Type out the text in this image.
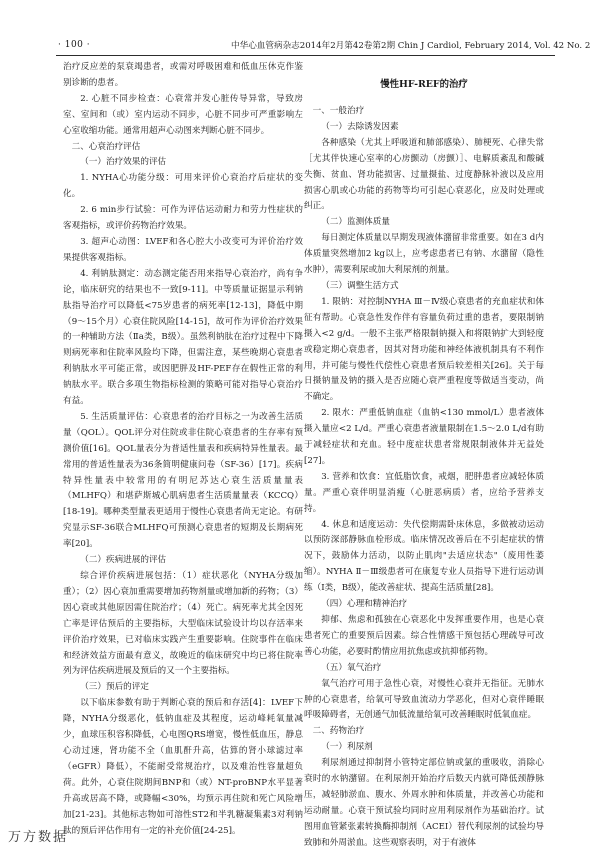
· 100 ·	中华心血管病杂志2014年2月第42卷第2期 Chin J Cardiol, February 2014, Vol. 42 No. 2

治疗反应差的泵衰竭患者，或需对呼吸困难和低血压休克作鉴别诊断的患者。

2. 心脏不同步检查：心衰常并发心脏传导异常，导致房室、室间和（或）室内运动不同步，心脏不同步可严重影响左心室收缩功能。通常用超声心动图来判断心脏不同步。

二、心衰治疗评估

（一）治疗效果的评估

1. NYHA心功能分级：可用来评价心衰治疗后症状的变化。

2. 6 min步行试验：可作为评估运动耐力和劳力性症状的客观指标，或评价药物治疗效果。

3. 超声心动图：LVEF和各心腔大小改变可为评价治疗效果提供客观指标。

4. 利钠肽测定：动态测定能否用来指导心衰治疗，尚有争论，临床研究的结果也不一致[9-11]。中等质量证据显示利钠肽指导治疗可以降低<75岁患者的病死率[12-13]，降低中期（9～15个月）心衰住院风险[14-15]，故可作为评价治疗效果的一种辅助方法（Ⅱa类，B级）。虽然利钠肽在治疗过程中下降则病死率和住院率风险均下降，但需注意，某些晚期心衰患者利钠肽水平可能正常，或因肥胖及HF-PEF存在假性正常的利钠肽水平。联合多项生物指标检测的策略可能对指导心衰治疗有益。

5. 生活质量评估：心衰患者的治疗目标之一为改善生活质量（QOL）。QOL评分对住院或非住院心衰患者的生存率有预测价值[16]。QOL量表分为普适性量表和疾病特异性量表。最常用的普适性量表为36条简明健康问卷（SF-36）[17]。疾病特异性量表中较常用的有明尼苏达心衰生活质量量表（MLHFQ）和堪萨斯城心肌病患者生活质量量表（KCCQ）[18-19]。哪种类型量表更适用于慢性心衰患者尚无定论。有研究显示SF-36联合MLHFQ可预测心衰患者的短期及长期病死率[20]。

（二）疾病进展的评估

综合评价疾病进展包括：（1）症状恶化（NYHA分级加重）；（2）因心衰加重需要增加药物剂量或增加新的药物；（3）因心衰或其他原因需住院治疗；（4）死亡。病死率尤其全因死亡率是评估预后的主要指标，大型临床试验设计均以存活率来评价治疗效果，已对临床实践产生重要影响。住院事件在临床和经济效益方面最有意义，故晚近的临床研究中均已将住院率列为评估疾病进展及预后的又一个主要指标。

（三）预后的评定

以下临床参数有助于判断心衰的预后和存活[4]：LVEF下降，NYHA分级恶化，低钠血症及其程度，运动峰耗氧量减少，血球压积容积降低，心电图QRS增宽，慢性低血压，静息心动过速，肾功能不全（血肌酐升高，估算的肾小球滤过率（eGFR）降低），不能耐受常规治疗，以及难治性容量超负荷。此外，心衰住院期间BNP和（或）NT-proBNP水平显著升高或居高不降，或降幅<30%，均预示再住院和死亡风险增加[21-23]。其他标志物如可溶性ST2和半乳糖凝集素3对利钠肽的预后评估作用有一定的补充价值[24-25]。

慢性HF-REF的治疗

一、一般治疗

（一）去除诱发因素

各种感染（尤其上呼吸道和肺部感染）、肺梗死、心律失常［尤其伴快速心室率的心房颤动（房颤）］、电解质紊乱和酸碱失衡、贫血、肾功能损害、过量摄盐、过度静脉补液以及应用损害心肌或心功能的药物等均可引起心衰恶化，应及时处理或纠正。

（二）监测体质量

每日测定体质量以早期发现液体潴留非常重要。如在3 d内体质量突然增加2 kg以上，应考虑患者已有钠、水潴留（隐性水肿），需要利尿或加大利尿剂的剂量。

（三）调整生活方式

1. 限钠：对控制NYHA Ⅲ－Ⅳ级心衰患者的充血症状和体征有帮助。心衰急性发作伴有容量负荷过重的患者，要限制钠摄入<2 g/d。一般不主张严格限制钠摄入和将限钠扩大到轻度或稳定期心衰患者，因其对肾功能和神经体液机制具有不利作用，并可能与慢性代偿性心衰患者预后较差相关[26]。关于每日摄钠量及钠的摄入是否应随心衰严重程度等做适当变动，尚不确定。

2. 限水：严重低钠血症（血钠<130 mmol/L）患者液体摄入量应<2 L/d。严重心衰患者液量限制在1.5～2.0 L/d有助于减轻症状和充血。轻中度症状患者常规限制液体并无益处[27]。

3. 营养和饮食：宜低脂饮食，戒烟，肥胖患者应减轻体质量。严重心衰伴明显消瘦（心脏恶病质）者，应给予营养支持。

4. 休息和适度运动：失代偿期需卧床休息，多做被动运动以预防深部静脉血栓形成。临床情况改善后在不引起症状的情况下，鼓励体力活动，以防止肌肉"去适应状态"（废用性萎缩）。NYHA Ⅱ－Ⅲ级患者可在康复专业人员指导下进行运动训练（Ⅰ类，B级），能改善症状、提高生活质量[28]。

（四）心理和精神治疗

抑郁、焦虑和孤独在心衰恶化中发挥重要作用，也是心衰患者死亡的重要预后因素。综合性情感干预包括心理疏导可改善心功能，必要时酌情应用抗焦虑或抗抑郁药物。

（五）氧气治疗

氧气治疗可用于急性心衰，对慢性心衰并无指征。无肺水肿的心衰患者，给氧可导致血流动力学恶化，但对心衰伴睡眠呼吸障碍者，无创通气加低流量给氧可改善睡眠时低氧血症。

二、药物治疗

（一）利尿剂

利尿剂通过抑制肾小管特定部位钠或氯的重吸收，消除心衰时的水钠潴留。在利尿剂开始治疗后数天内就可降低颈静脉压，减轻肺淤血、腹水、外周水肿和体质量，并改善心功能和运动耐量。心衰干预试验均同时应用利尿剂作为基础治疗。试图用血管紧张素转换酶抑制剂（ACEI）替代利尿剂的试验均导致肺和外周淤血。这些观察表明，对于有液体

万方数据
